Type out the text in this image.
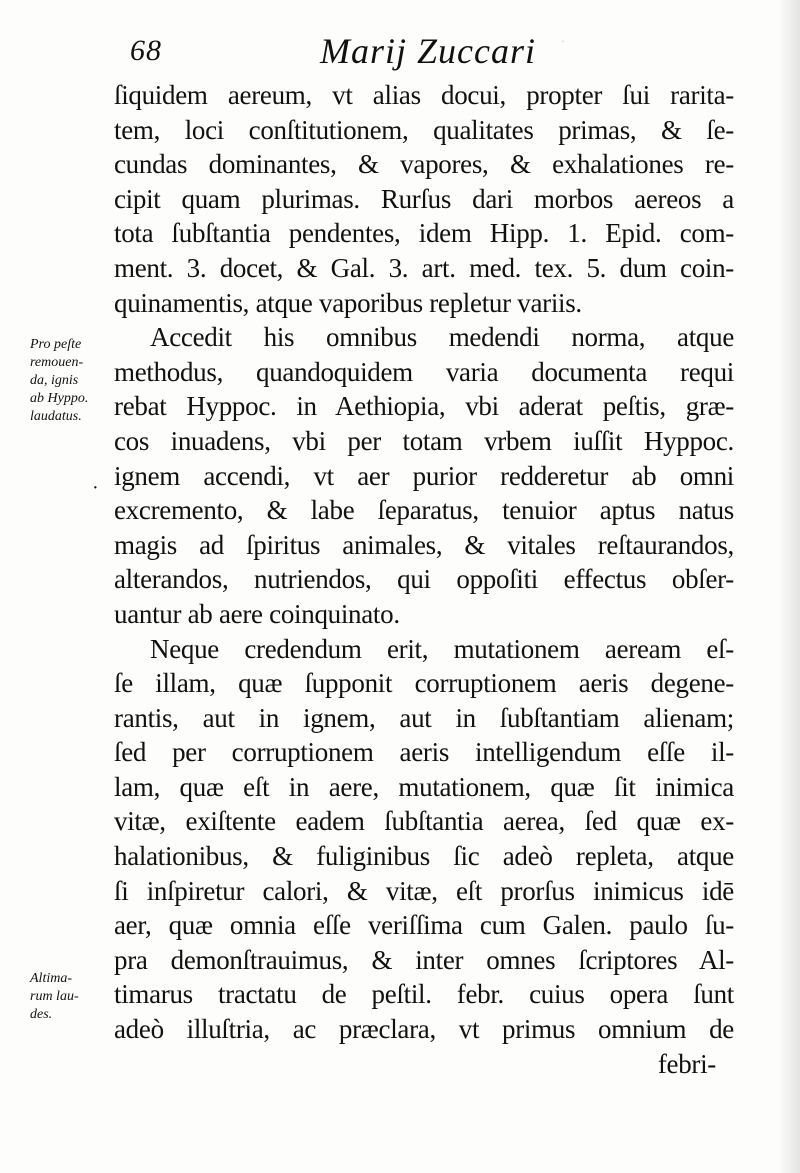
·
68	Marij Zuccari
ſiquidem aereum, vt alias docui, propter ſui rarita-
tem, loci conſtitutionem, qualitates primas, & ſe-
cundas dominantes, & vapores, & exhalationes re-
cipit quam plurimas. Rurſus dari morbos aereos a
tota ſubſtantia pendentes, idem Hipp. 1. Epid. com-
ment. 3. docet, & Gal. 3. art. med. tex. 5. dum coin-
quinamentis, atque vaporibus repletur variis.
Accedit his omnibus medendi norma, atque
methodus, quandoquidem varia documenta requi
rebat Hyppoc. in Aethiopia, vbi aderat peſtis, græ-
cos inuadens, vbi per totam vrbem iuſſit Hyppoc.
ignem accendi, vt aer purior redderetur ab omni
excremento, & labe ſeparatus, tenuior aptus natus
magis ad ſpiritus animales, & vitales reſtaurandos,
alterandos, nutriendos, qui oppoſiti effectus obſer-
uantur ab aere coinquinato.
Neque credendum erit, mutationem aeream eſ-
ſe illam, quæ ſupponit corruptionem aeris degene-
rantis, aut in ignem, aut in ſubſtantiam alienam;
ſed per corruptionem aeris intelligendum eſſe il-
lam, quæ eſt in aere, mutationem, quæ ſit inimica
vitæ, exiſtente eadem ſubſtantia aerea, ſed quæ ex-
halationibus, & fuliginibus ſic adeò repleta, atque
ſi inſpiretur calori, & vitæ, eſt prorſus inimicus idē
aer, quæ omnia eſſe veriſſima cum Galen. paulo ſu-
pra demonſtrauimus, & inter omnes ſcriptores Al-
timarus tractatu de peſtil. febr. cuius opera ſunt
adeò illuſtria, ac præclara, vt primus omnium de
febri-
Pro peſte
remouen-
da, ignis
ab Hyppo.
laudatus.
·
Altima-
rum lau-
des.
